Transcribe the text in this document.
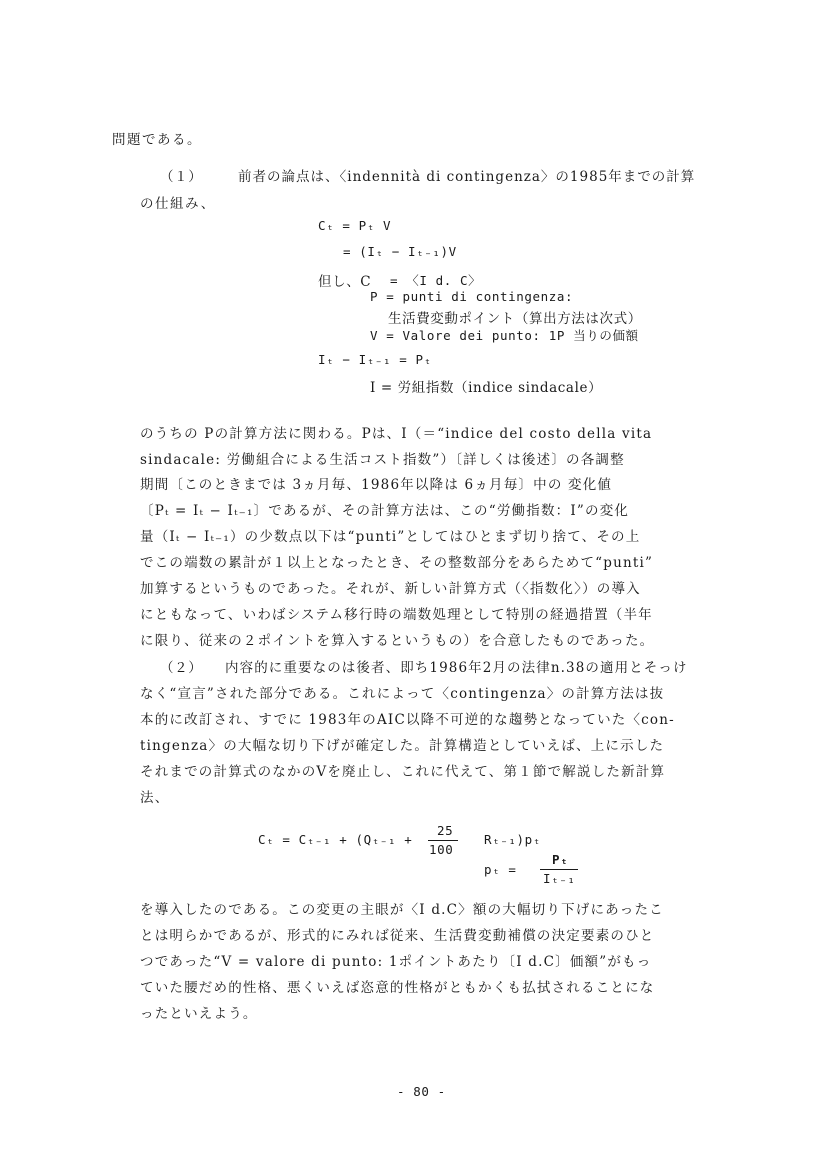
問題である。
（１）	前者の論点は、〈indennità di contingenza〉の1985年までの計算
の仕組み、
Cₜ = Pₜ V
= (Iₜ − Iₜ₋₁)V
但し、C = 〈I d. C〉
P = punti di contingenza:
生活費変動ポイント（算出方法は次式）
V = Valore dei punto: 1P 当りの価額
Iₜ − Iₜ₋₁ = Pₜ
I = 労組指数（indice sindacale）
のうちの Pの計算方法に関わる。Pは、I（＝“indice del costo della vita
sindacale: 労働組合による生活コスト指数”）〔詳しくは後述〕の各調整
期間〔このときまでは 3ヵ月毎、1986年以降は 6ヵ月毎〕中の 変化値
〔Pₜ = Iₜ − Iₜ₋₁〕であるが、その計算方法は、この“労働指数：I”の変化
量（Iₜ − Iₜ₋₁）の少数点以下は“punti”としてはひとまず切り捨て、その上
でこの端数の累計が１以上となったとき、その整数部分をあらためて“punti”
加算するというものであった。それが、新しい計算方式（〈指数化〉）の導入
にともなって、いわばシステム移行時の端数処理として特別の経過措置（半年
に限り、従来の２ポイントを算入するというもの）を合意したものであった。
（２） 内容的に重要なのは後者、即ち1986年2月の法律n.38の適用とそっけ
なく“宣言”された部分である。これによって〈contingenza〉の計算方法は抜
本的に改訂され、すでに 1983年のAIC以降不可逆的な趨勢となっていた〈con-
tingenza〉の大幅な切り下げが確定した。計算構造としていえば、上に示した
それまでの計算式のなかのVを廃止し、これに代えて、第１節で解説した新計算
法、
Cₜ = Cₜ₋₁ + (Qₜ₋₁ +
25
100
Rₜ₋₁)pₜ
pₜ =
Pₜ
Iₜ₋₁
を導入したのである。この変更の主眼が〈I d.C〉額の大幅切り下げにあったこ
とは明らかであるが、形式的にみれば従来、生活費変動補償の決定要素のひと
つであった“V = valore di punto: 1ポイントあたり〔I d.C〕価額”がもっ
ていた腰だめ的性格、悪くいえば恣意的性格がともかくも払拭されることにな
ったといえよう。
- 80 -
